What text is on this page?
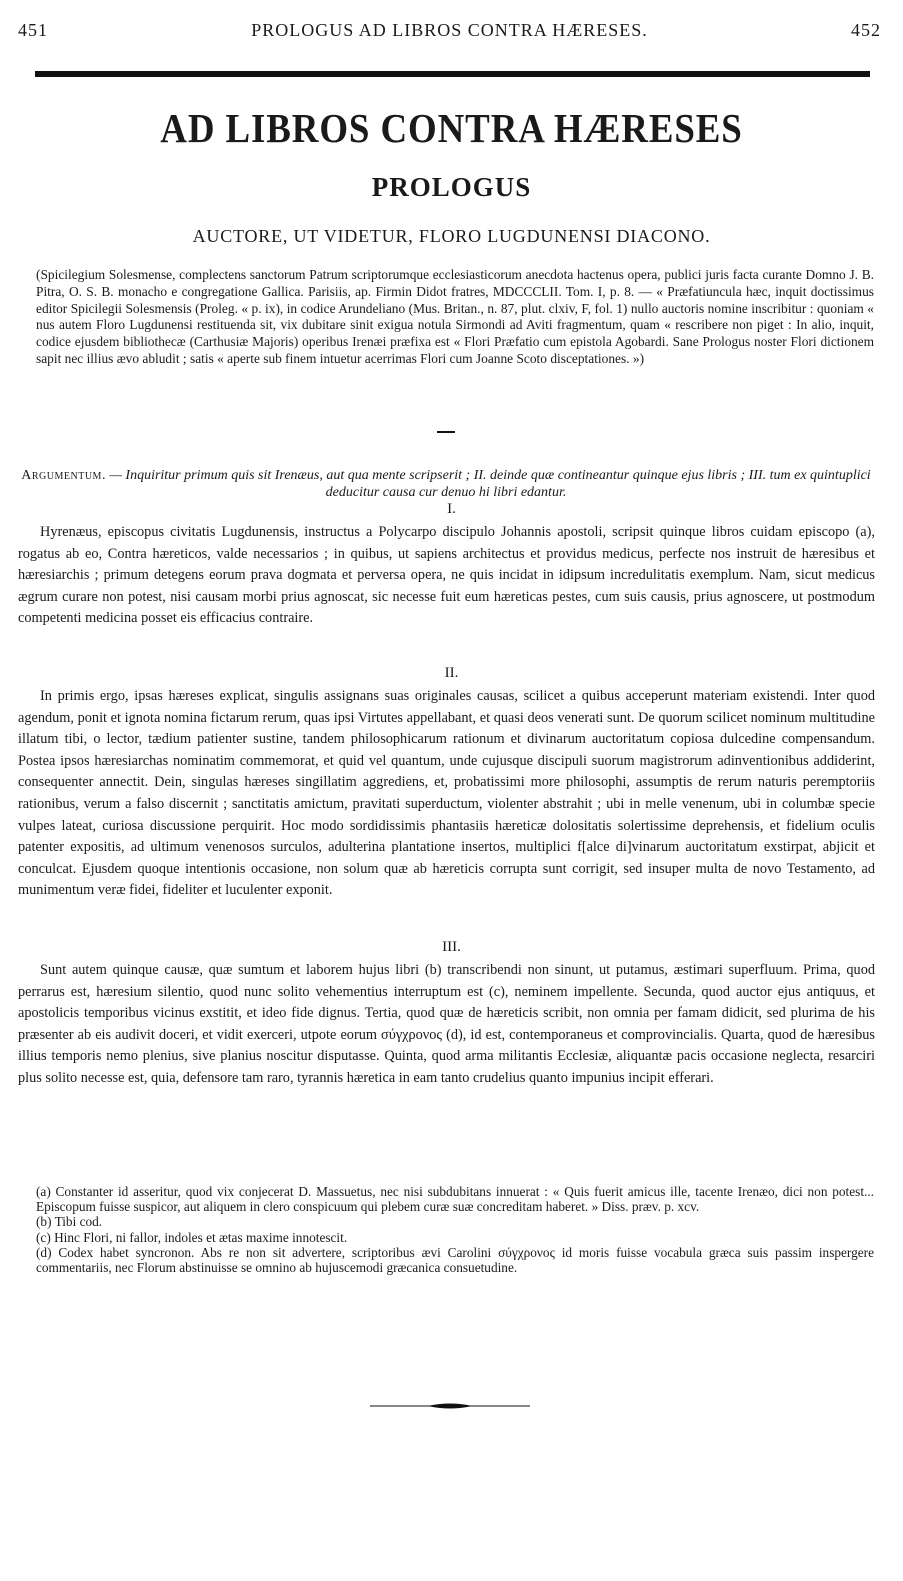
451	PROLOGUS AD LIBROS CONTRA HÆRESES.	452
AD LIBROS CONTRA HÆRESES
PROLOGUS
AUCTORE, UT VIDETUR, FLORO LUGDUNENSI DIACONO.
(Spicilegium Solesmense, complectens sanctorum Patrum scriptorumque ecclesiasticorum anecdota hactenus opera, publici juris facta curante Domno J. B. Pitra, O. S. B. monacho e congregatione Gallica. Parisiis, ap. Firmin Didot fratres, MDCCCLII. Tom. I, p. 8. — « Præfatiuncula hæc, inquit doctissimus editor Spicilegii Solesmensis (Proleg. « p. ix), in codice Arundeliano (Mus. Britan., n. 87, plut. clxiv, F, fol. 1) nullo auctoris nomine inscribitur : quoniam « nus autem Floro Lugdunensi restituenda sit, vix dubitare sinit exigua notula Sirmondi ad Aviti fragmentum, quam « rescribere non piget : In alio, inquit, codice ejusdem bibliothecæ (Carthusiæ Majoris) operibus Irenæi præfixa est « Flori Præfatio cum epistola Agobardi. Sane Prologus noster Flori dictionem sapit nec illius ævo abludit ; satis « aperte sub finem intuetur acerrimas Flori cum Joanne Scoto disceptationes. »)
Argumentum. — Inquiritur primum quis sit Irenæus, aut qua mente scripserit ; II. deinde quæ contineantur quinque ejus libris ; III. tum ex quintuplici deducitur causa cur denuo hi libri edantur.
I.
Hyrenæus, episcopus civitatis Lugdunensis, instructus a Polycarpo discipulo Johannis apostoli, scripsit quinque libros cuidam episcopo (a), rogatus ab eo, Contra hæreticos, valde necessarios ; in quibus, ut sapiens architectus et providus medicus, perfecte nos instruit de hæresibus et hæresiarchis ; primum detegens eorum prava dogmata et perversa opera, ne quis incidat in idipsum incredulitatis exemplum. Nam, sicut medicus ægrum curare non potest, nisi causam morbi prius agnoscat, sic necesse fuit eum hæreticas pestes, cum suis causis, prius agnoscere, ut postmodum competenti medicina posset eis efficacius contraire.
II.
In primis ergo, ipsas hæreses explicat, singulis assignans suas originales causas, scilicet a quibus acceperunt materiam existendi. Inter quod agendum, ponit et ignota nomina fictarum rerum, quas ipsi Virtutes appellabant, et quasi deos venerati sunt. De quorum scilicet nominum multitudine illatum tibi, o lector, tædium patienter sustine, tandem philosophicarum rationum et divinarum auctoritatum copiosa dulcedine compensandum. Postea ipsos hæresiarchas nominatim commemorat, et quid vel quantum, unde cujusque discipuli suorum magistrorum adinventionibus addiderint, consequenter annectit. Dein, singulas hæreses singillatim aggrediens, et, probatissimi more philosophi, assumptis de rerum naturis peremptoriis rationibus, verum a falso discernit ; sanctitatis amictum, pravitati superductum, violenter abstrahit ; ubi in melle venenum, ubi in columbæ specie vulpes lateat, curiosa discussione perquirit. Hoc modo sordidissimis phantasiis hæreticæ dolositatis solertissime deprehensis, et fidelium oculis patenter expositis, ad ultimum venenosos surculos, adulterina plantatione insertos, multiplici f[alce di]vinarum auctoritatum exstirpat, abjicit et conculcat. Ejusdem quoque intentionis occasione, non solum quæ ab hæreticis corrupta sunt corrigit, sed insuper multa de novo Testamento, ad munimentum veræ fidei, fideliter et luculenter exponit.
III.
Sunt autem quinque causæ, quæ sumtum et laborem hujus libri (b) transcribendi non sinunt, ut putamus, æstimari superfluum. Prima, quod perrarus est, hæresium silentio, quod nunc solito vehementius interruptum est (c), neminem impellente. Secunda, quod auctor ejus antiquus, et apostolicis temporibus vicinus exstitit, et ideo fide dignus. Tertia, quod quæ de hæreticis scribit, non omnia per famam didicit, sed plurima de his præsenter ab eis audivit doceri, et vidit exerceri, utpote eorum σύγχρονος (d), id est, contemporaneus et comprovincialis. Quarta, quod de hæresibus illius temporis nemo plenius, sive planius noscitur disputasse. Quinta, quod arma militantis Ecclesiæ, aliquantæ pacis occasione neglecta, resarciri plus solito necesse est, quia, defensore tam raro, tyrannis hæretica in eam tanto crudelius quanto impunius incipit efferari.
(a) Constanter id asseritur, quod vix conjecerat D. Massuetus, nec nisi subdubitans innuerat : « Quis fuerit amicus ille, tacente Irenæo, dici non potest... Episcopum fuisse suspicor, aut aliquem in clero conspicuum qui plebem curæ suæ concreditam haberet. » Diss. præv. p. xcv.
(b) Tibi cod.
(c) Hinc Flori, ni fallor, indoles et ætas maxime innotescit.
(d) Codex habet syncronon. Abs re non sit advertere, scriptoribus ævi Carolini σύγχρονος id moris fuisse vocabula græca suis passim inspergere commentariis, nec Florum abstinuisse se omnino ab hujuscemodi græcanica consuetudine.
